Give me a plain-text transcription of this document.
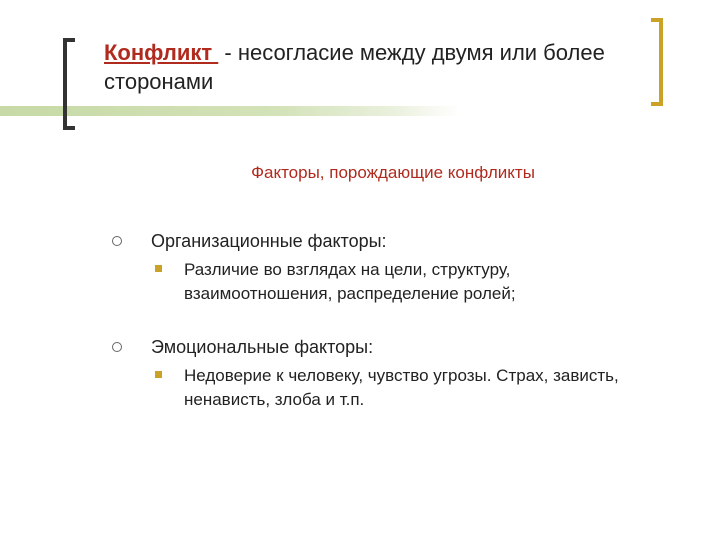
Конфликт  - несогласие между двумя или более сторонами
Факторы, порождающие конфликты
Организационные факторы:
Различие во взглядах на цели, структуру, взаимоотношения, распределение ролей;
Эмоциональные факторы:
Недоверие к человеку, чувство угрозы. Страх, зависть, ненависть, злоба и т.п.
